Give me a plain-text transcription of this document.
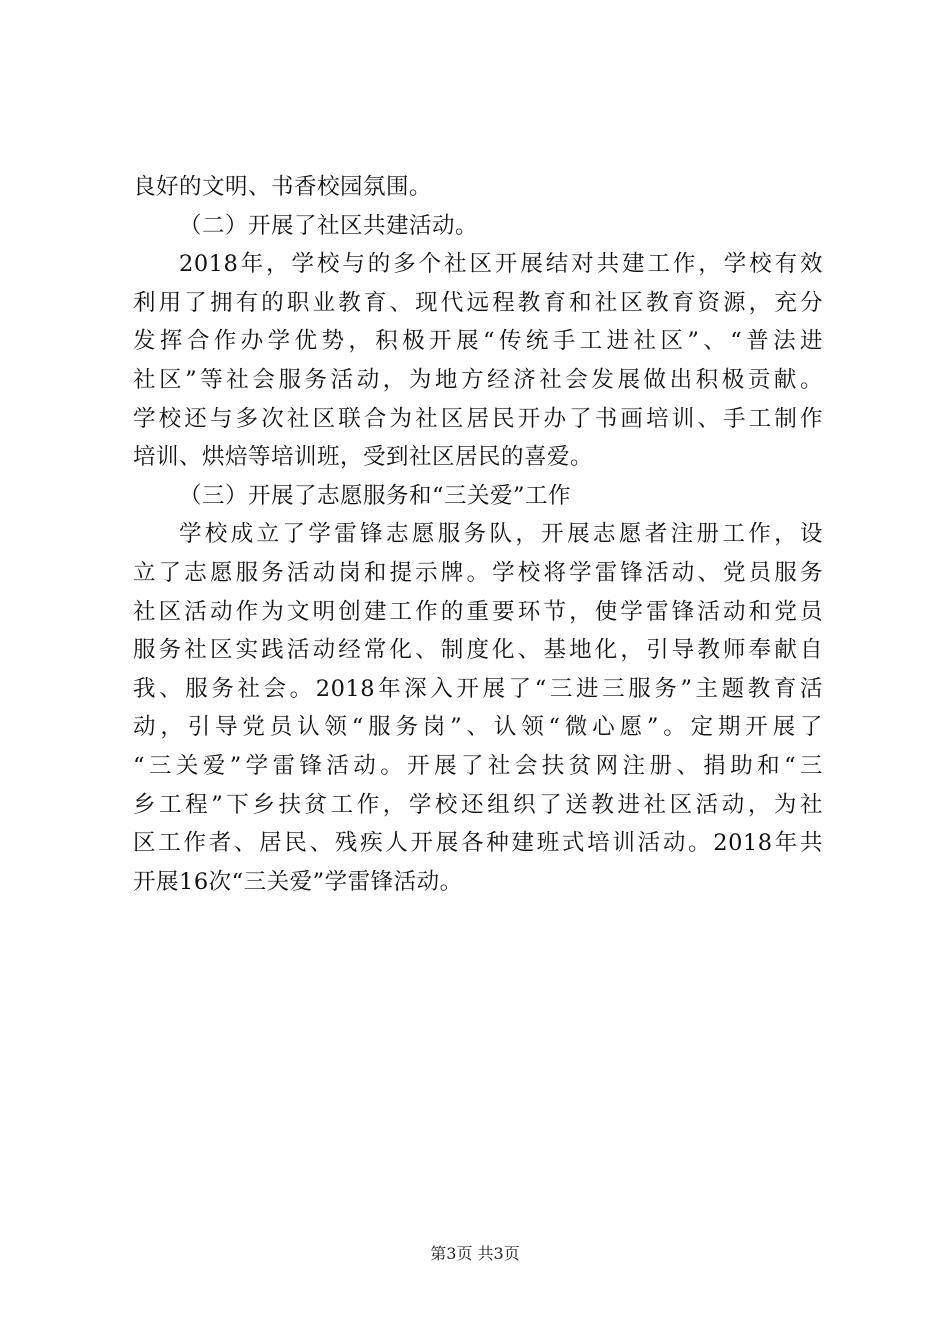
良好的文明、书香校园氛围。
（二）开展了社区共建活动。
2018年，学校与的多个社区开展结对共建工作，学校有效
利用了拥有的职业教育、现代远程教育和社区教育资源，充分
发挥合作办学优势，积极开展“传统手工进社区”、“普法进
社区”等社会服务活动，为地方经济社会发展做出积极贡献。
学校还与多次社区联合为社区居民开办了书画培训、手工制作
培训、烘焙等培训班，受到社区居民的喜爱。
（三）开展了志愿服务和“三关爱”工作
学校成立了学雷锋志愿服务队，开展志愿者注册工作，设
立了志愿服务活动岗和提示牌。学校将学雷锋活动、党员服务
社区活动作为文明创建工作的重要环节，使学雷锋活动和党员
服务社区实践活动经常化、制度化、基地化，引导教师奉献自
我、服务社会。2018年深入开展了“三进三服务”主题教育活
动，引导党员认领“服务岗”、认领“微心愿”。定期开展了
“三关爱”学雷锋活动。开展了社会扶贫网注册、捐助和“三
乡工程”下乡扶贫工作，学校还组织了送教进社区活动，为社
区工作者、居民、残疾人开展各种建班式培训活动。2018年共
开展16次“三关爱”学雷锋活动。
第3页 共3页
